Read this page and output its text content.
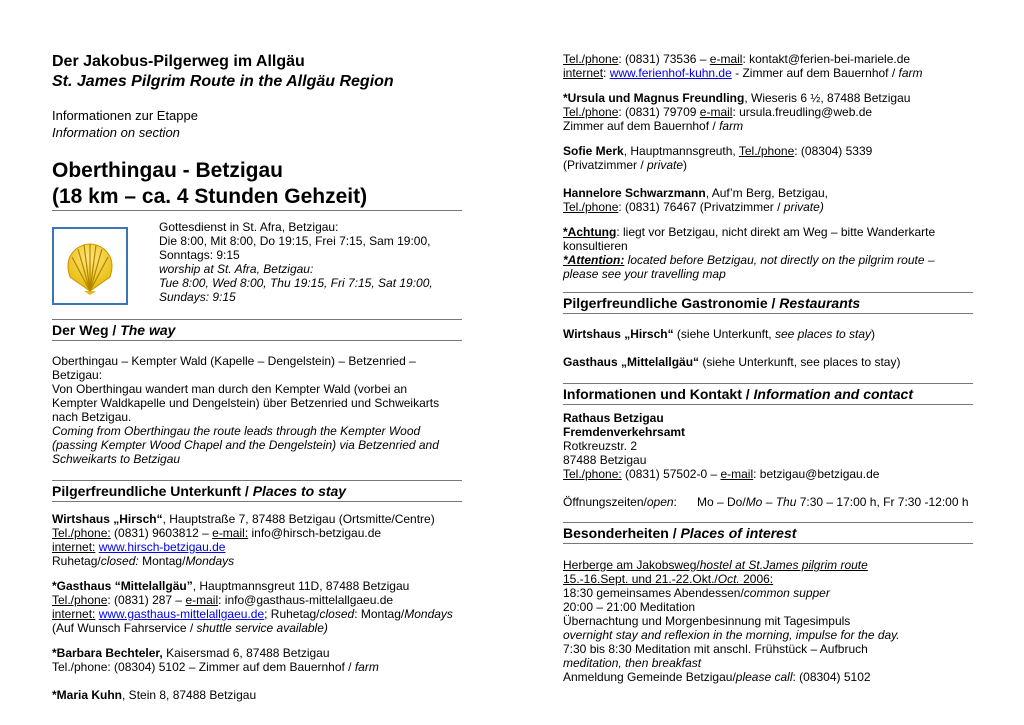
Der Jakobus-Pilgerweg im Allgäu
St. James Pilgrim Route in the Allgäu Region
Informationen zur Etappe
Information on section
Oberthingau - Betzigau
(18 km – ca. 4 Stunden Gehzeit)
Gottesdienst in St. Afra, Betzigau:
Die 8:00, Mit 8:00, Do 19:15, Frei 7:15, Sam 19:00,
Sonntags: 9:15
worship at St. Afra, Betzigau:
Tue 8:00, Wed 8:00, Thu 19:15, Fri 7:15, Sat 19:00,
Sundays: 9:15
Der Weg / The way
Oberthingau – Kempter Wald (Kapelle – Dengelstein) – Betzenried –
Betzigau:
Von Oberthingau wandert man durch den Kempter Wald (vorbei an
Kempter Waldkapelle und Dengelstein) über Betzenried und Schweikarts
nach Betzigau.
Coming from Oberthingau the route leads through the Kempter Wood
(passing Kempter Wood Chapel and the Dengelstein) via Betzenried and
Schweikarts to Betzigau
Pilgerfreundliche Unterkunft / Places to stay
Wirtshaus „Hirsch“, Hauptstraße 7, 87488 Betzigau (Ortsmitte/Centre)
Tel./phone: (0831) 9603812 – e-mail: info@hirsch-betzigau.de
internet: www.hirsch-betzigau.de
Ruhetag/closed: Montag/Mondays
*Gasthaus “Mittelallgäu”, Hauptmannsgreut 11D, 87488 Betzigau
Tel./phone: (0831) 287 – e-mail: info@gasthaus-mittelallgaeu.de
internet: www.gasthaus-mittelallgaeu.de; Ruhetag/closed: Montag/Mondays
(Auf Wunsch Fahrservice / shuttle service available)
*Barbara Bechteler, Kaisersmad 6, 87488 Betzigau
Tel./phone: (08304) 5102 – Zimmer auf dem Bauernhof / farm
*Maria Kuhn, Stein 8, 87488 Betzigau
Tel./phone: (0831) 73536 – e-mail: kontakt@ferien-bei-mariele.de
internet: www.ferienhof-kuhn.de - Zimmer auf dem Bauernhof / farm
*Ursula und Magnus Freundling, Wieseris 6 ½, 87488 Betzigau
Tel./phone: (0831) 79709 e-mail: ursula.freudling@web.de
Zimmer auf dem Bauernhof / farm
Sofie Merk, Hauptmannsgreuth, Tel./phone: (08304) 5339
(Privatzimmer / private)
Hannelore Schwarzmann, Auf’m Berg, Betzigau,
Tel./phone: (0831) 76467 (Privatzimmer / private)
*Achtung: liegt vor Betzigau, nicht direkt am Weg – bitte Wanderkarte
konsultieren
*Attention: located before Betzigau, not directly on the pilgrim route –
please see your travelling map
Pilgerfreundliche Gastronomie / Restaurants
Wirtshaus „Hirsch“ (siehe Unterkunft, see places to stay)
Gasthaus „Mittelallgäu“ (siehe Unterkunft, see places to stay)
Informationen und Kontakt / Information and contact
Rathaus Betzigau
Fremdenverkehrsamt
Rotkreuzstr. 2
87488 Betzigau
Tel./phone: (0831) 57502-0 – e-mail: betzigau@betzigau.de
Öffnungszeiten/open: Mo – Do/Mo – Thu 7:30 – 17:00 h, Fr 7:30 -12:00 h
Besonderheiten / Places of interest
Herberge am Jakobsweg/hostel at St.James pilgrim route
15.-16.Sept. und 21.-22.Okt./Oct. 2006:
18:30 gemeinsames Abendessen/common supper
20:00 – 21:00 Meditation
Übernachtung und Morgenbesinnung mit Tagesimpuls
overnight stay and reflexion in the morning, impulse for the day.
7:30 bis 8:30 Meditation mit anschl. Frühstück – Aufbruch
meditation, then breakfast
Anmeldung Gemeinde Betzigau/please call: (08304) 5102
